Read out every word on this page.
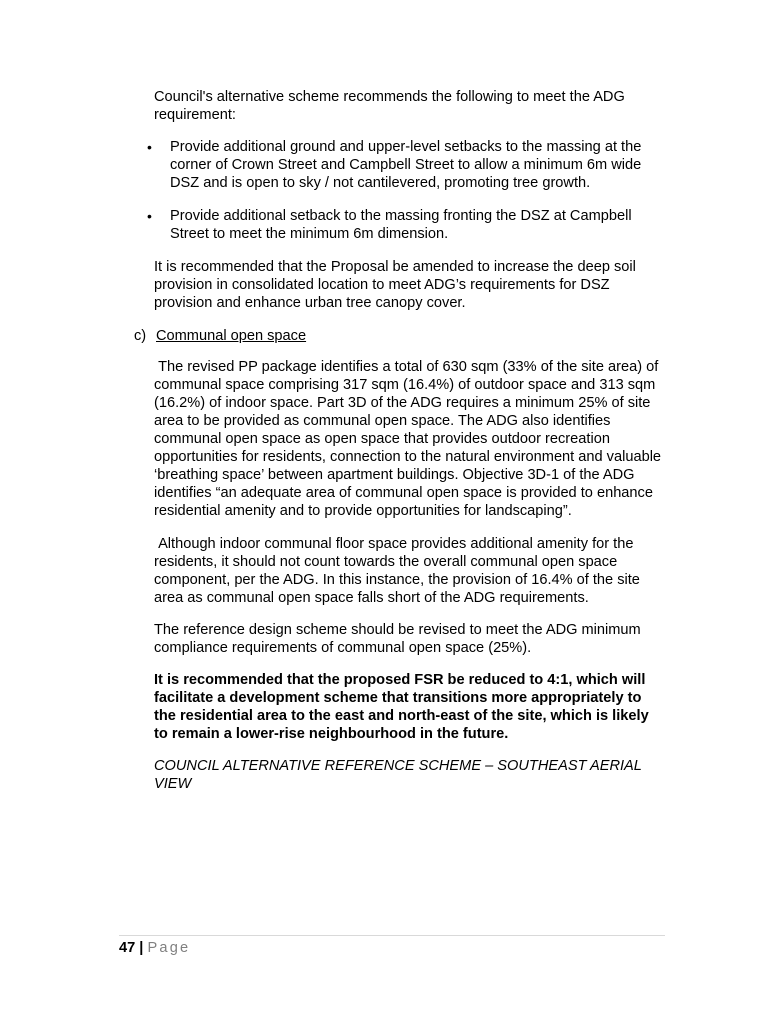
Council's alternative scheme recommends the following to meet the ADG requirement:

• Provide additional ground and upper-level setbacks to the massing at the corner of Crown Street and Campbell Street to allow a minimum 6m wide DSZ and is open to sky / not cantilevered, promoting tree growth.

• Provide additional setback to the massing fronting the DSZ at Campbell Street to meet the minimum 6m dimension.

It is recommended that the Proposal be amended to increase the deep soil provision in consolidated location to meet ADG’s requirements for DSZ provision and enhance urban tree canopy cover.

c) Communal open space

The revised PP package identifies a total of 630 sqm (33% of the site area) of communal space comprising 317 sqm (16.4%) of outdoor space and 313 sqm (16.2%) of indoor space. Part 3D of the ADG requires a minimum 25% of site area to be provided as communal open space. The ADG also identifies communal open space as open space that provides outdoor recreation opportunities for residents, connection to the natural environment and valuable ‘breathing space’ between apartment buildings. Objective 3D-1 of the ADG identifies “an adequate area of communal open space is provided to enhance residential amenity and to provide opportunities for landscaping”.

Although indoor communal floor space provides additional amenity for the residents, it should not count towards the overall communal open space component, per the ADG. In this instance, the provision of 16.4% of the site area as communal open space falls short of the ADG requirements.

The reference design scheme should be revised to meet the ADG minimum compliance requirements of communal open space (25%).

It is recommended that the proposed FSR be reduced to 4:1, which will facilitate a development scheme that transitions more appropriately to the residential area to the east and north-east of the site, which is likely to remain a lower-rise neighbourhood in the future.

COUNCIL ALTERNATIVE REFERENCE SCHEME – SOUTHEAST AERIAL VIEW

47 | Page
